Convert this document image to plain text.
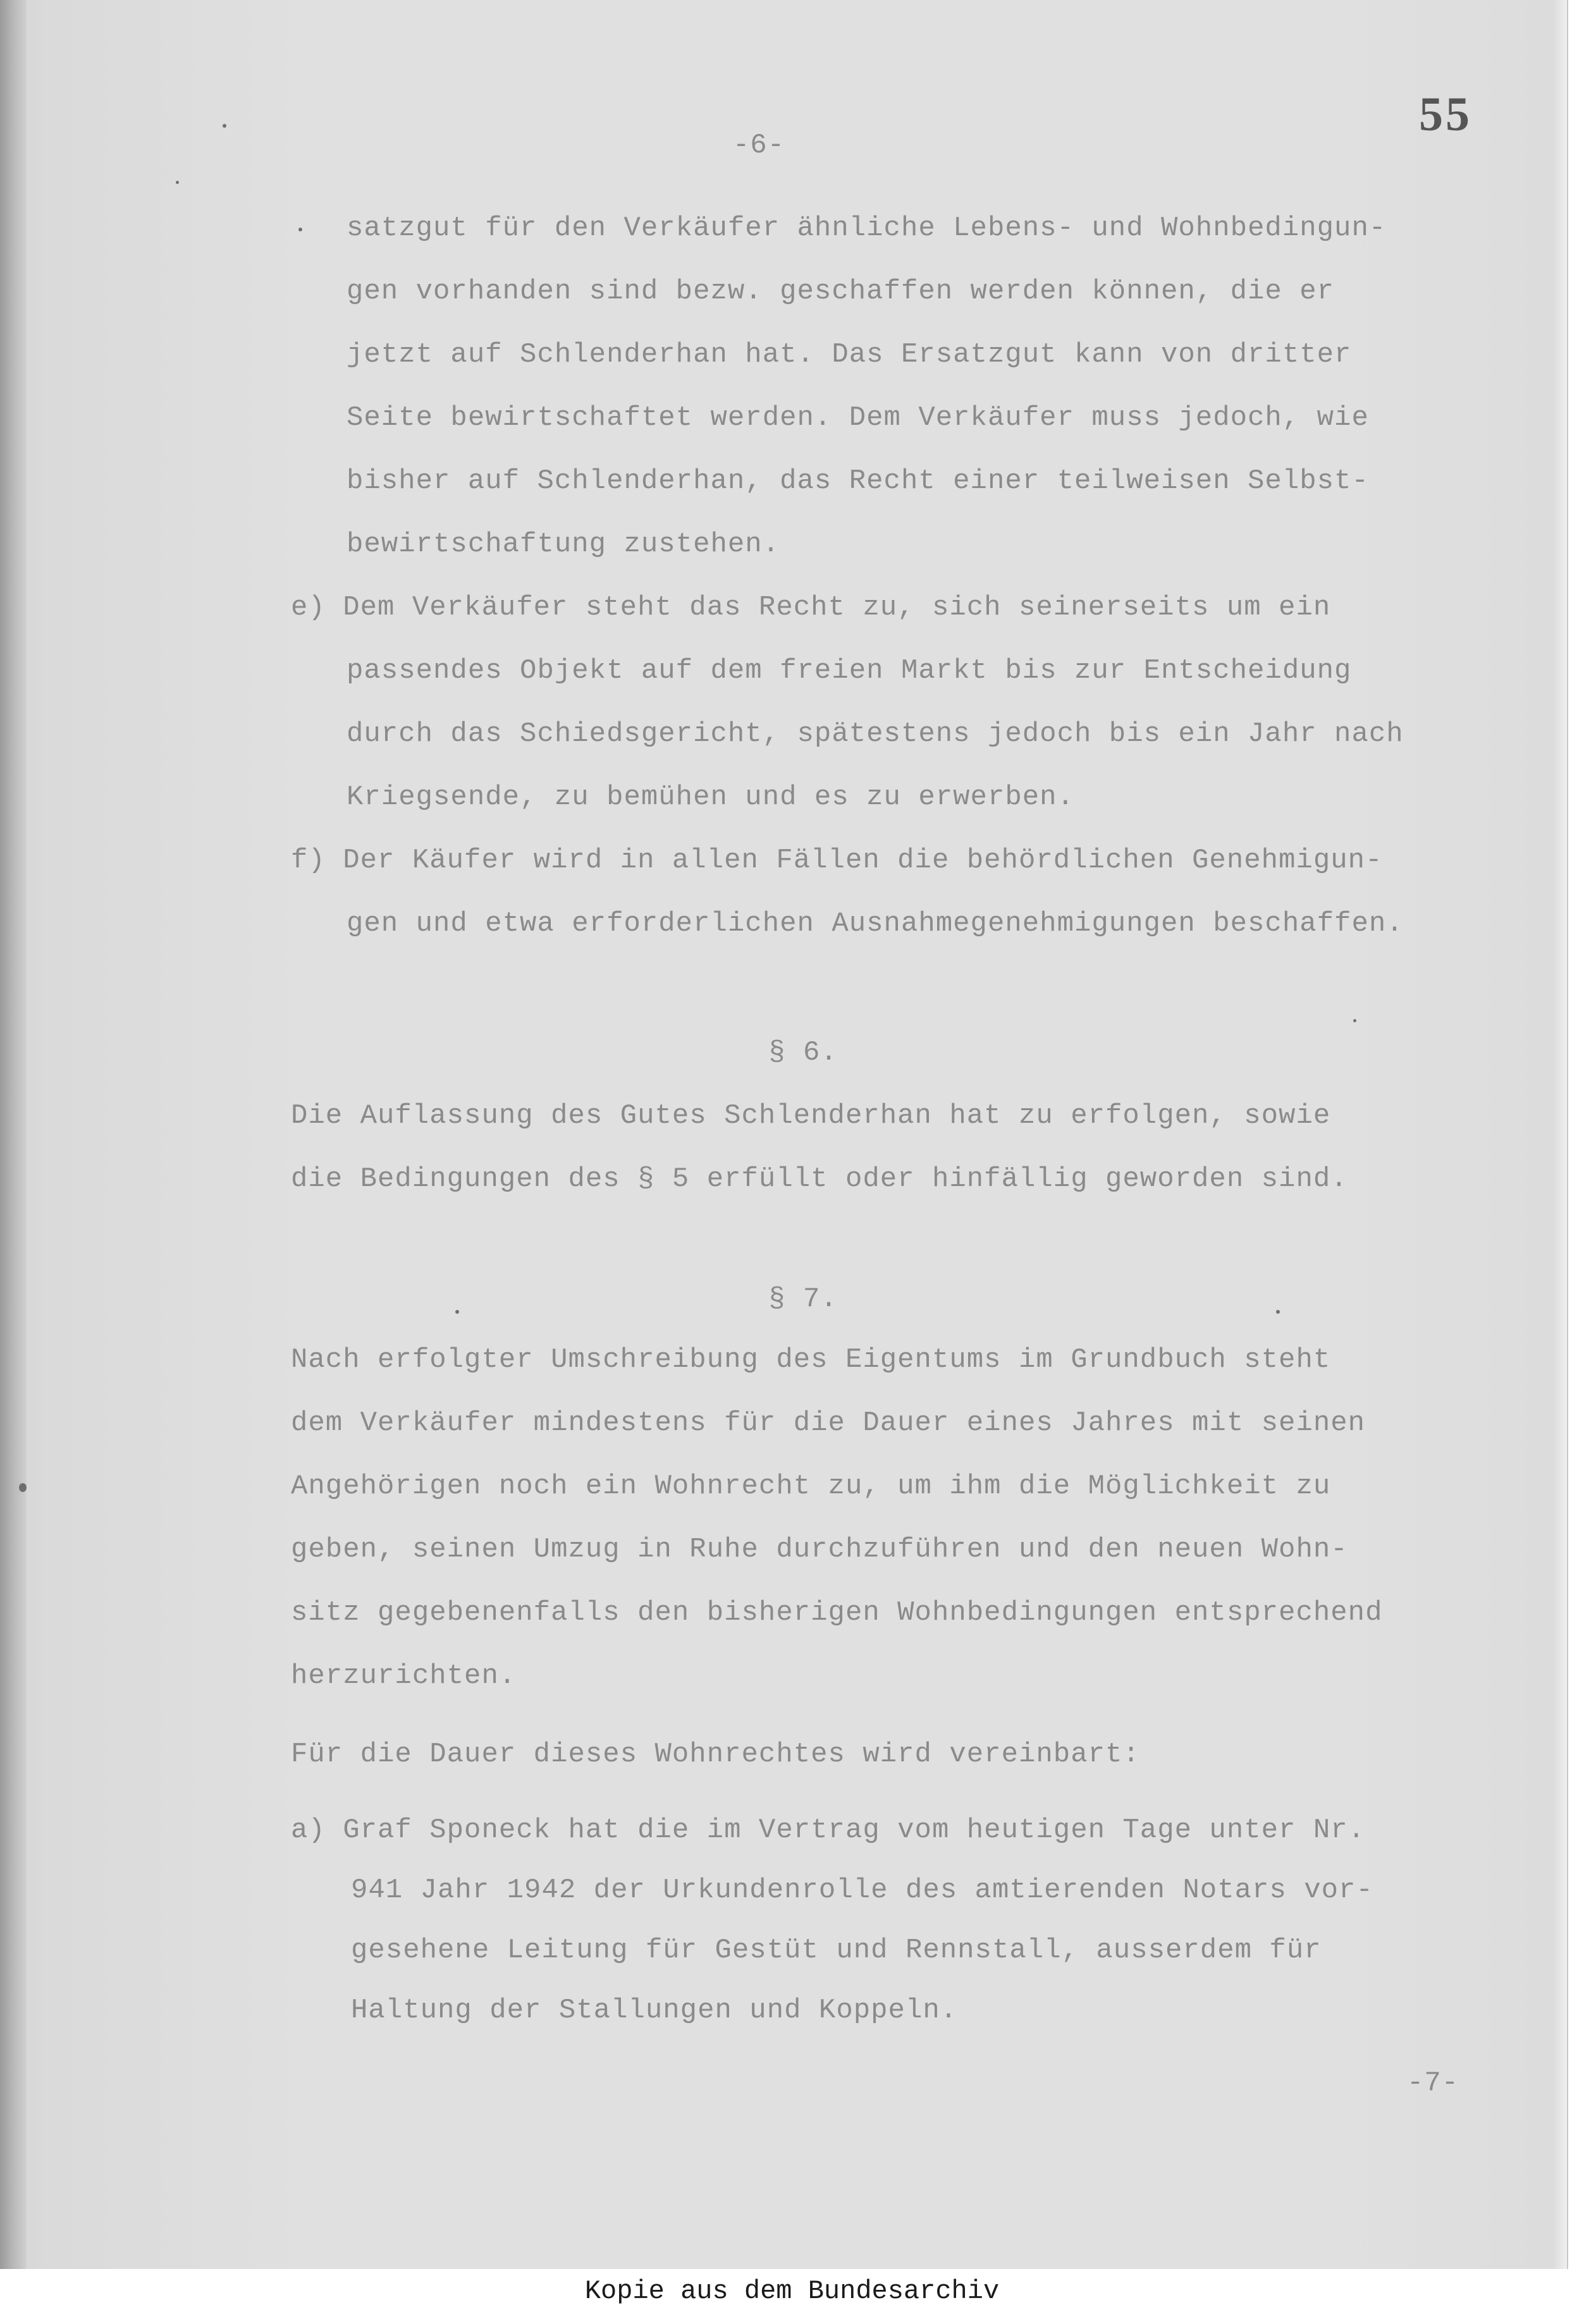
55
-6-
satzgut für den Verkäufer ähnliche Lebens- und Wohnbedingun-
gen vorhanden sind bezw. geschaffen werden können, die er
jetzt auf Schlenderhan hat. Das Ersatzgut kann von dritter
Seite bewirtschaftet werden. Dem Verkäufer muss jedoch, wie
bisher auf Schlenderhan, das Recht einer teilweisen Selbst-
bewirtschaftung zustehen.
e) Dem Verkäufer steht das Recht zu, sich seinerseits um ein
passendes Objekt auf dem freien Markt bis zur Entscheidung
durch das Schiedsgericht, spätestens jedoch bis ein Jahr nach
Kriegsende, zu bemühen und es zu erwerben.
f) Der Käufer wird in allen Fällen die behördlichen Genehmigun-
gen und etwa erforderlichen Ausnahmegenehmigungen beschaffen.
§ 6.
Die Auflassung des Gutes Schlenderhan hat zu erfolgen, sowie
die Bedingungen des § 5 erfüllt oder hinfällig geworden sind.
§ 7.
Nach erfolgter Umschreibung des Eigentums im Grundbuch steht
dem Verkäufer mindestens für die Dauer eines Jahres mit seinen
Angehörigen noch ein Wohnrecht zu, um ihm die Möglichkeit zu
geben, seinen Umzug in Ruhe durchzuführen und den neuen Wohn-
sitz gegebenenfalls den bisherigen Wohnbedingungen entsprechend
herzurichten.
Für die Dauer dieses Wohnrechtes wird vereinbart:
a) Graf Sponeck hat die im Vertrag vom heutigen Tage unter Nr.
941 Jahr 1942 der Urkundenrolle des amtierenden Notars vor-
gesehene Leitung für Gestüt und Rennstall, ausserdem für
Haltung der Stallungen und Koppeln.
-7-
Kopie aus dem Bundesarchiv
